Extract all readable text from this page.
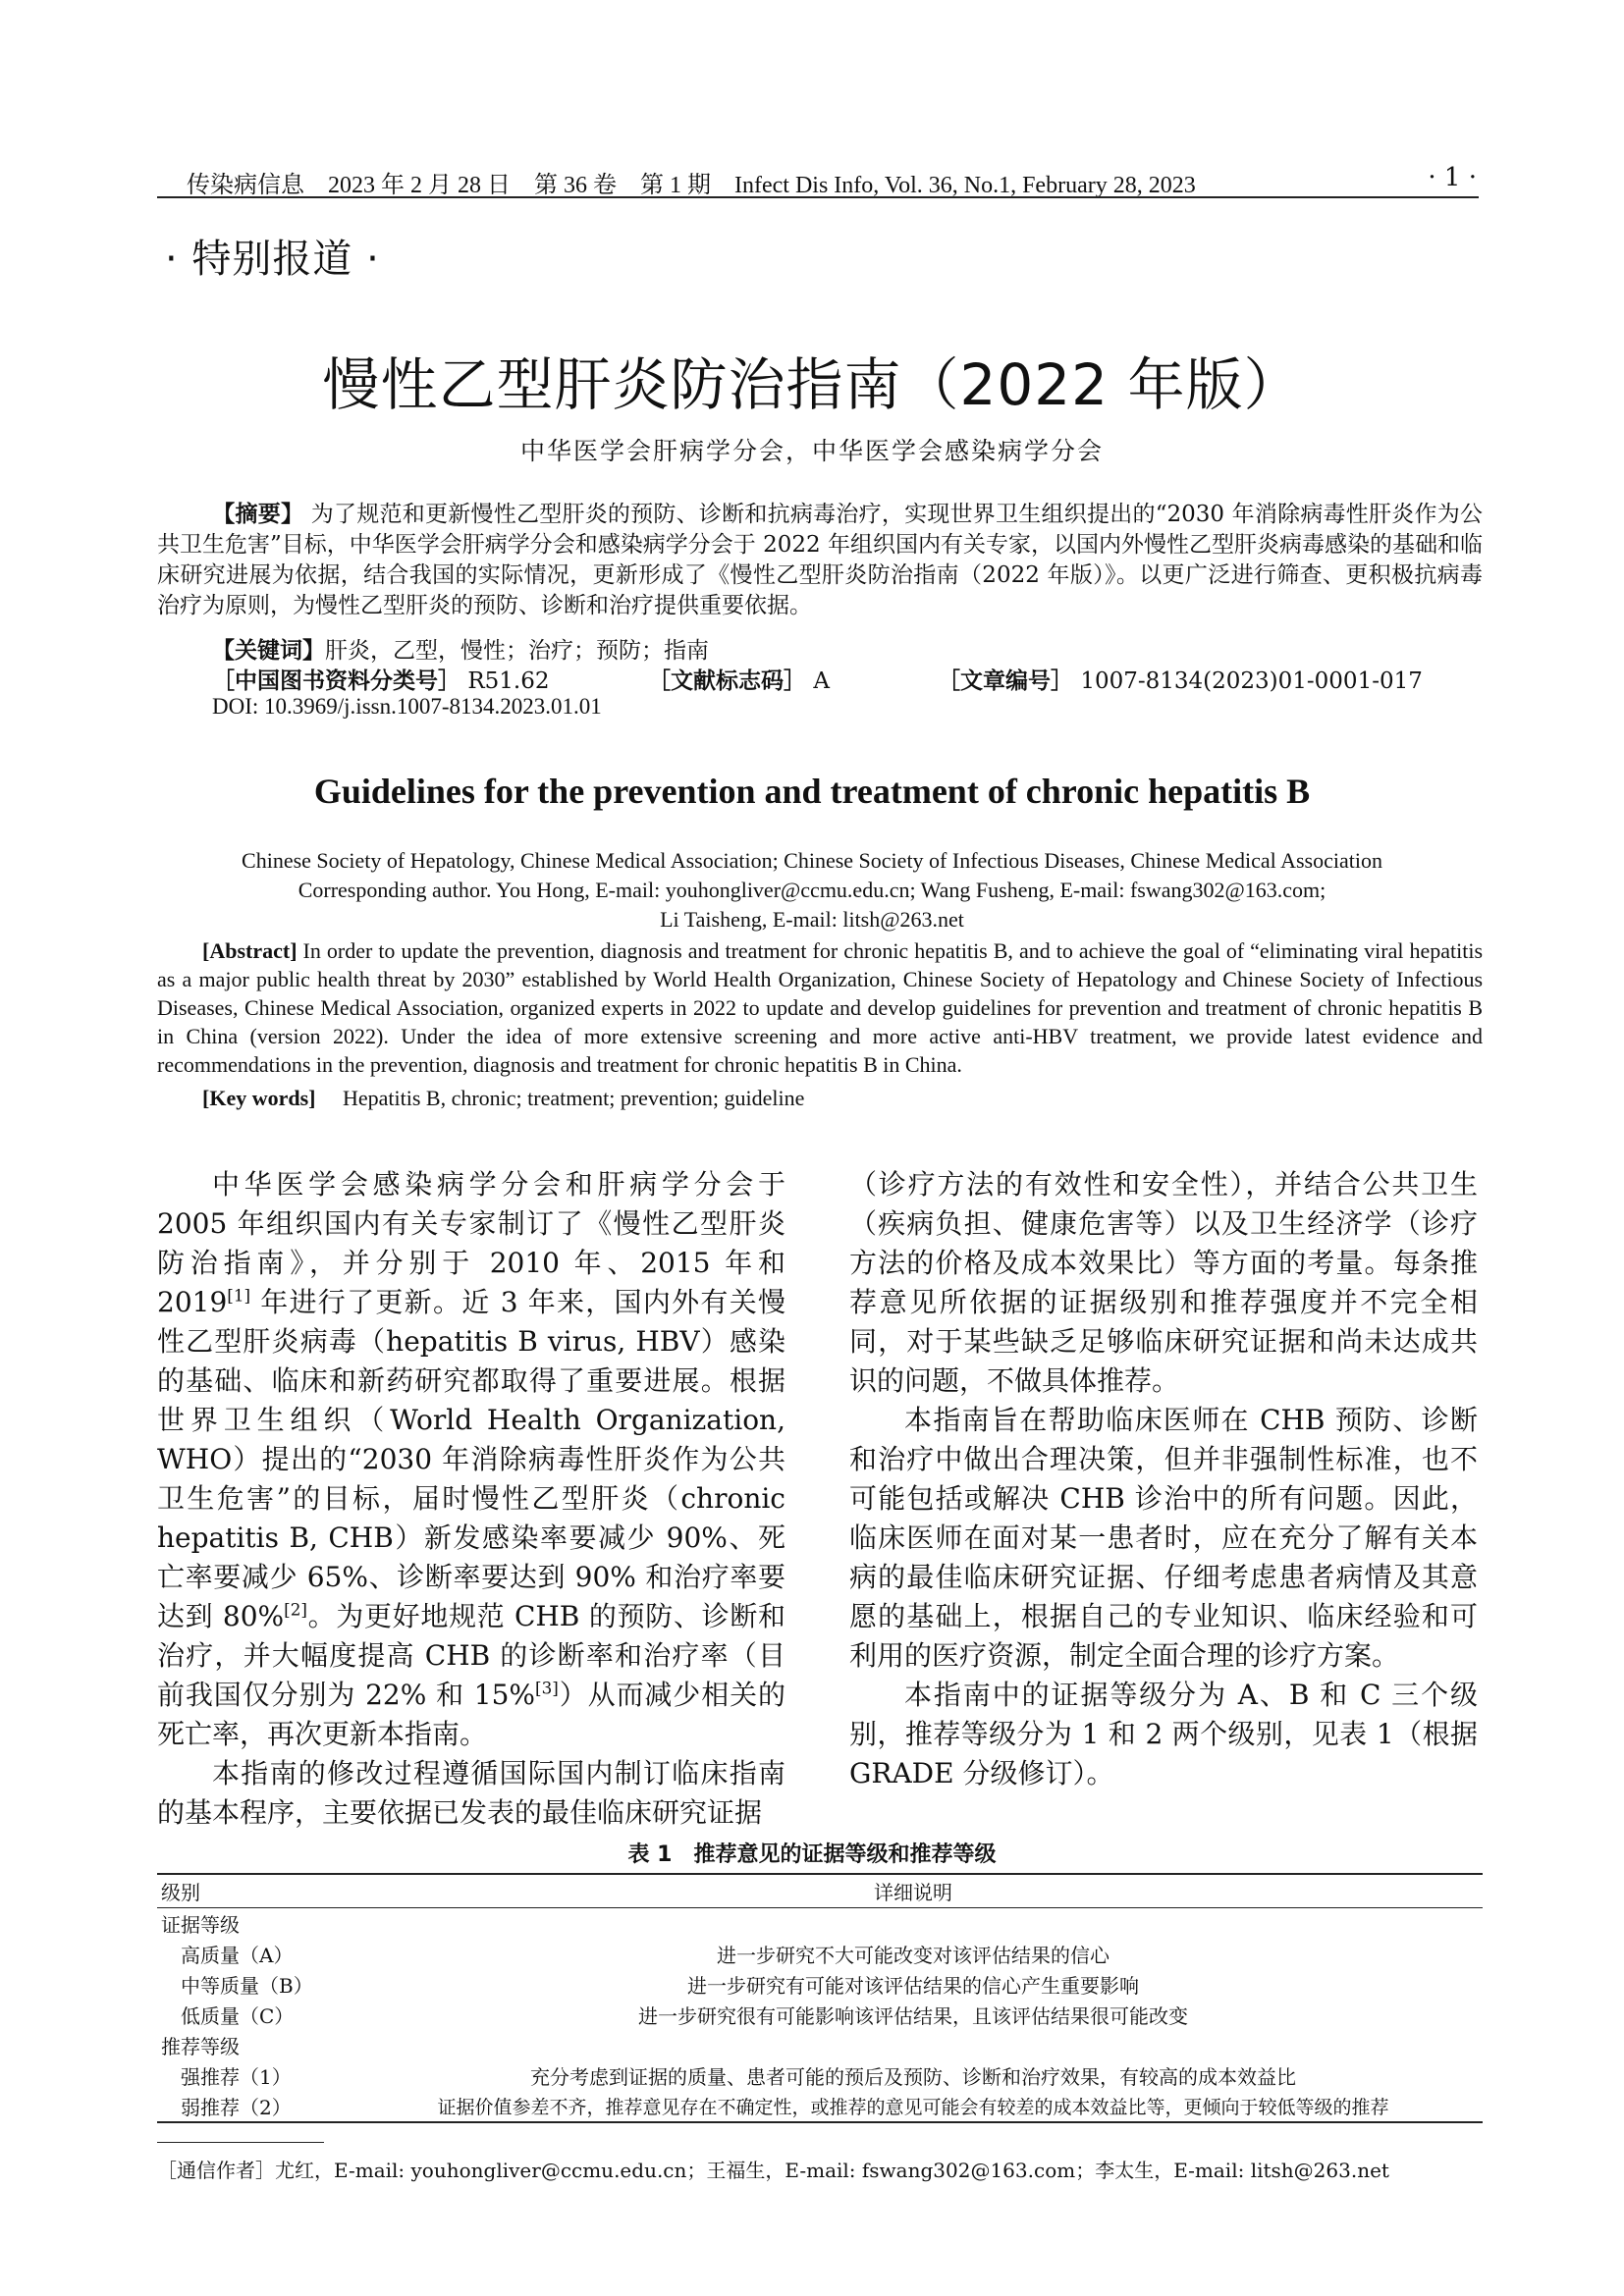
传染病信息　2023 年 2 月 28 日　第 36 卷　第 1 期　Infect Dis Info, Vol. 36, No.1, February 28, 2023	· 1 ·
· 特别报道 ·
慢性乙型肝炎防治指南（2022 年版）
中华医学会肝病学分会，中华医学会感染病学分会
【摘要】 为了规范和更新慢性乙型肝炎的预防、诊断和抗病毒治疗，实现世界卫生组织提出的“2030 年消除病毒性肝炎作为公共卫生危害”目标，中华医学会肝病学分会和感染病学分会于 2022 年组织国内有关专家，以国内外慢性乙型肝炎病毒感染的基础和临床研究进展为依据，结合我国的实际情况，更新形成了《慢性乙型肝炎防治指南（2022 年版）》。以更广泛进行筛查、更积极抗病毒治疗为原则，为慢性乙型肝炎的预防、诊断和治疗提供重要依据。
【关键词】肝炎，乙型，慢性；治疗；预防；指南
［中国图书资料分类号］ R51.62	［文献标志码］ A	［文章编号］ 1007-8134(2023)01-0001-017
DOI: 10.3969/j.issn.1007-8134.2023.01.01
Guidelines for the prevention and treatment of chronic hepatitis B
Chinese Society of Hepatology, Chinese Medical Association; Chinese Society of Infectious Diseases, Chinese Medical Association
Corresponding author. You Hong, E-mail: youhongliver@ccmu.edu.cn; Wang Fusheng, E-mail: fswang302@163.com;
Li Taisheng, E-mail: litsh@263.net
[Abstract] In order to update the prevention, diagnosis and treatment for chronic hepatitis B, and to achieve the goal of “eliminating viral hepatitis as a major public health threat by 2030” established by World Health Organization, Chinese Society of Hepatology and Chinese Society of Infectious Diseases, Chinese Medical Association, organized experts in 2022 to update and develop guidelines for prevention and treatment of chronic hepatitis B in China (version 2022). Under the idea of more extensive screening and more active anti-HBV treatment, we provide latest evidence and recommendations in the prevention, diagnosis and treatment for chronic hepatitis B in China.
[Key words] Hepatitis B, chronic; treatment; prevention; guideline

中华医学会感染病学分会和肝病学分会于 2005 年组织国内有关专家制订了《慢性乙型肝炎防治指南》，并分别于 2010 年、2015 年和 2019[1] 年进行了更新。近 3 年来，国内外有关慢性乙型肝炎病毒（hepatitis B virus, HBV）感染的基础、临床和新药研究都取得了重要进展。根据世界卫生组织（World Health Organization, WHO）提出的“2030 年消除病毒性肝炎作为公共卫生危害”的目标，届时慢性乙型肝炎（chronic hepatitis B, CHB）新发感染率要减少 90%、死亡率要减少 65%、诊断率要达到 90% 和治疗率要达到 80%[2]。为更好地规范 CHB 的预防、诊断和治疗，并大幅度提高 CHB 的诊断率和治疗率（目前我国仅分别为 22% 和 15%[3]）从而减少相关的死亡率，再次更新本指南。

本指南的修改过程遵循国际国内制订临床指南的基本程序，主要依据已发表的最佳临床研究证据

（诊疗方法的有效性和安全性），并结合公共卫生（疾病负担、健康危害等）以及卫生经济学（诊疗方法的价格及成本效果比）等方面的考量。每条推荐意见所依据的证据级别和推荐强度并不完全相同，对于某些缺乏足够临床研究证据和尚未达成共识的问题，不做具体推荐。

本指南旨在帮助临床医师在 CHB 预防、诊断和治疗中做出合理决策，但并非强制性标准，也不可能包括或解决 CHB 诊治中的所有问题。因此，临床医师在面对某一患者时，应在充分了解有关本病的最佳临床研究证据、仔细考虑患者病情及其意愿的基础上，根据自己的专业知识、临床经验和可利用的医疗资源，制定全面合理的诊疗方案。

本指南中的证据等级分为 A、B 和 C 三个级别，推荐等级分为 1 和 2 两个级别，见表 1（根据 GRADE 分级修订）。

表 1　推荐意见的证据等级和推荐等级
级别	详细说明
证据等级	
高质量（A）	进一步研究不大可能改变对该评估结果的信心
中等质量（B）	进一步研究有可能对该评估结果的信心产生重要影响
低质量（C）	进一步研究很有可能影响该评估结果，且该评估结果很可能改变
推荐等级	
强推荐（1）	充分考虑到证据的质量、患者可能的预后及预防、诊断和治疗效果，有较高的成本效益比
弱推荐（2）	证据价值参差不齐，推荐意见存在不确定性，或推荐的意见可能会有较差的成本效益比等，更倾向于较低等级的推荐
［通信作者］尤红，E-mail: youhongliver@ccmu.edu.cn；王福生，E-mail: fswang302@163.com；李太生，E-mail: litsh@263.net
